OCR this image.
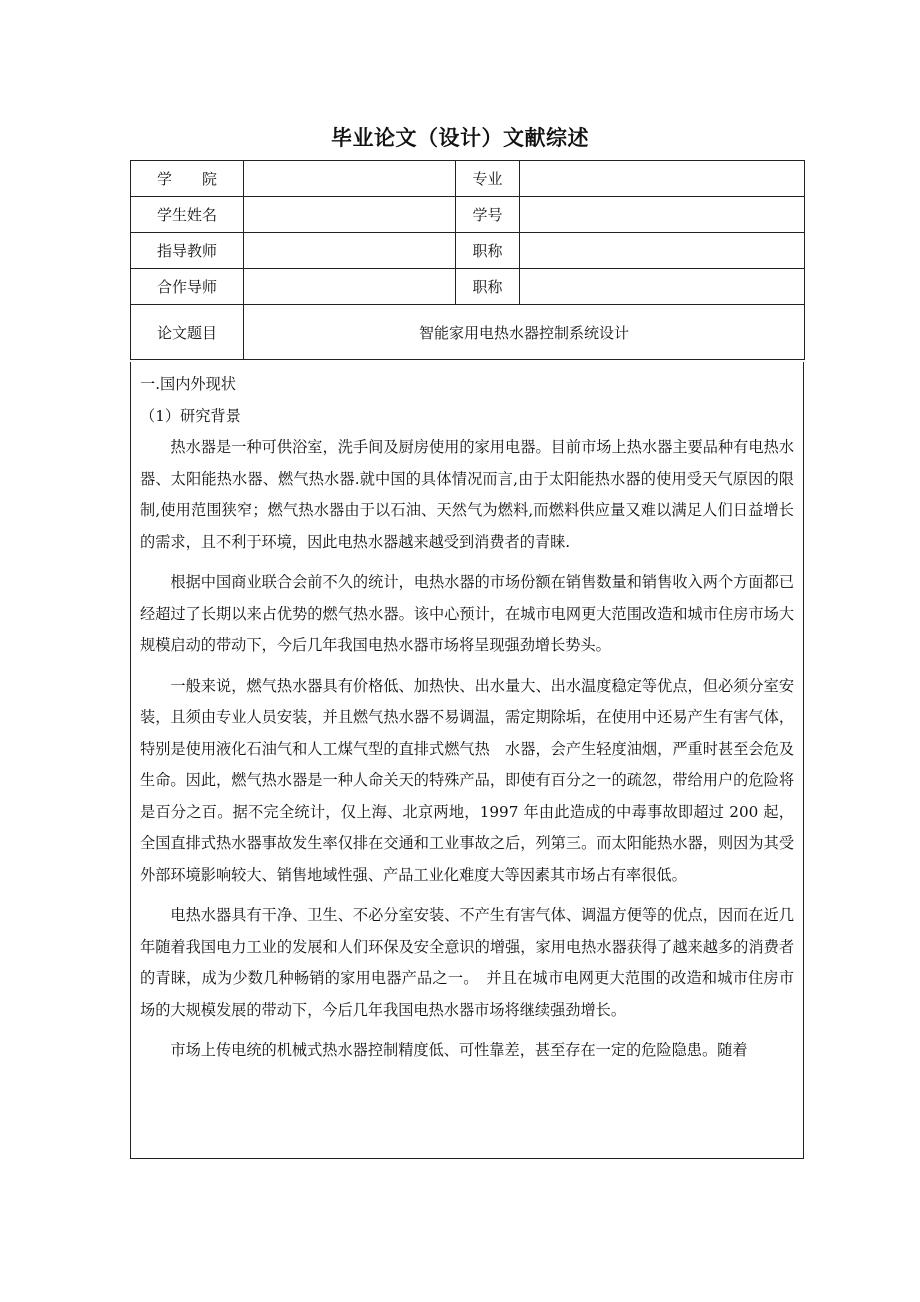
毕业论文（设计）文献综述
学　　院		专业	
学生姓名		学号	
指导教师		职称	
合作导师		职称	
论文题目	智能家用电热水器控制系统设计		

一.国内外现状

（1）研究背景

热水器是一种可供浴室，洗手间及厨房使用的家用电器。目前市场上热水器主要品种有电热水器、太阳能热水器、燃气热水器.就中国的具体情况而言,由于太阳能热水器的使用受天气原因的限制,使用范围狭窄；燃气热水器由于以石油、天然气为燃料,而燃料供应量又难以满足人们日益增长的需求，且不利于环境，因此电热水器越来越受到消费者的青睐.

根据中国商业联合会前不久的统计，电热水器的市场份额在销售数量和销售收入两个方面都已经超过了长期以来占优势的燃气热水器。该中心预计，在城市电网更大范围改造和城市住房市场大规模启动的带动下，今后几年我国电热水器市场将呈现强劲增长势头。

一般来说，燃气热水器具有价格低、加热快、出水量大、出水温度稳定等优点，但必须分室安装，且须由专业人员安装，并且燃气热水器不易调温，需定期除垢，在使用中还易产生有害气体，特别是使用液化石油气和人工煤气型的直排式燃气热　水器，会产生轻度油烟，严重时甚至会危及生命。因此，燃气热水器是一种人命关天的特殊产品，即使有百分之一的疏忽，带给用户的危险将是百分之百。据不完全统计，仅上海、北京两地，1997 年由此造成的中毒事故即超过 200 起，全国直排式热水器事故发生率仅排在交通和工业事故之后，列第三。而太阳能热水器，则因为其受外部环境影响较大、销售地域性强、产品工业化难度大等因素其市场占有率很低。

电热水器具有干净、卫生、不必分室安装、不产生有害气体、调温方便等的优点，因而在近几年随着我国电力工业的发展和人们环保及安全意识的增强，家用电热水器获得了越来越多的消费者的青睐，成为少数几种畅销的家用电器产品之一。　并且在城市电网更大范围的改造和城市住房市场的大规模发展的带动下，今后几年我国电热水器市场将继续强劲增长。

市场上传电统的机械式热水器控制精度低、可性靠差，甚至存在一定的危险隐患。随着
